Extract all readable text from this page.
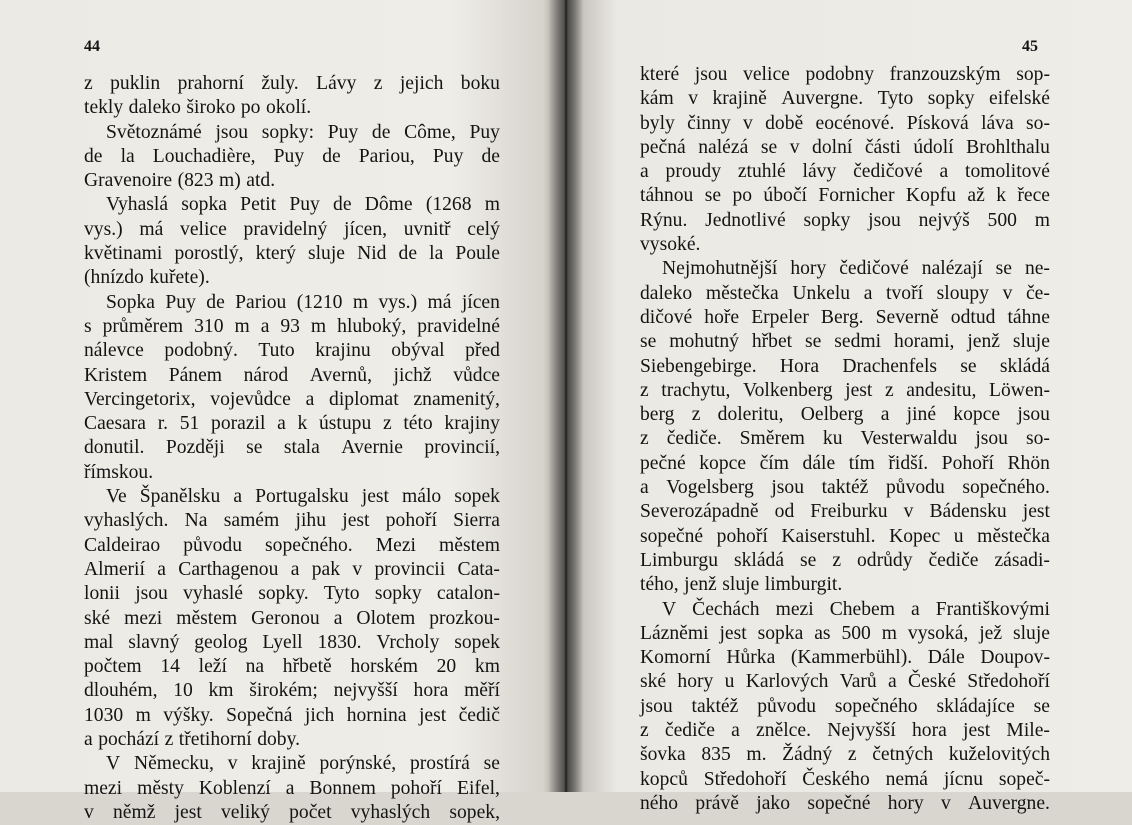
44
z puklin prahorní žuly. Lávy z jejich boku
tekly daleko široko po okolí.
Světoznámé jsou sopky: Puy de Côme, Puy
de la Louchadière, Puy de Pariou, Puy de
Gravenoire (823 m) atd.
Vyhaslá sopka Petit Puy de Dôme (1268 m
vys.) má velice pravidelný jícen, uvnitř celý
květinami porostlý, který sluje Nid de la Poule
(hnízdo kuřete).
Sopka Puy de Pariou (1210 m vys.) má jícen
s průměrem 310 m a 93 m hluboký, pravidelné
nálevce podobný. Tuto krajinu obýval před
Kristem Pánem národ Avernů, jichž vůdce
Vercingetorix, vojevůdce a diplomat znamenitý,
Caesara r. 51 porazil a k ústupu z této krajiny
donutil. Později se stala Avernie provincií,
římskou.
Ve Španělsku a Portugalsku jest málo sopek
vyhaslých. Na samém jihu jest pohoří Sierra
Caldeirao původu sopečného. Mezi městem
Almerií a Carthagenou a pak v provincii Cata-
lonii jsou vyhaslé sopky. Tyto sopky catalon-
ské mezi městem Geronou a Olotem prozkou-
mal slavný geolog Lyell 1830. Vrcholy sopek
počtem 14 leží na hřbetě horském 20 km
dlouhém, 10 km širokém; nejvyšší hora měří
1030 m výšky. Sopečná jich hornina jest čedič
a pochází z třetihorní doby.
V Německu, v krajině porýnské, prostírá se
mezi městy Koblenzí a Bonnem pohoří Eifel,
v němž jest veliký počet vyhaslých sopek,
45
které jsou velice podobny franzouzským sop-
kám v krajině Auvergne. Tyto sopky eifelské
byly činny v době eocénové. Písková láva so-
pečná nalézá se v dolní části údolí Brohlthalu
a proudy ztuhlé lávy čedičové a tomolitové
táhnou se po úbočí Fornicher Kopfu až k řece
Rýnu. Jednotlivé sopky jsou nejvýš 500 m
vysoké.
Nejmohutnější hory čedičové nalézají se ne-
daleko městečka Unkelu a tvoří sloupy v če-
dičové hoře Erpeler Berg. Severně odtud táhne
se mohutný hřbet se sedmi horami, jenž sluje
Siebengebirge. Hora Drachenfels se skládá
z trachytu, Volkenberg jest z andesitu, Löwen-
berg z doleritu, Oelberg a jiné kopce jsou
z čediče. Směrem ku Vesterwaldu jsou so-
pečné kopce čím dále tím řidší. Pohoří Rhön
a Vogelsberg jsou taktéž původu sopečného.
Severozápadně od Freiburku v Bádensku jest
sopečné pohoří Kaiserstuhl. Kopec u městečka
Limburgu skládá se z odrůdy čediče zásadi-
tého, jenž sluje limburgit.
V Čechách mezi Chebem a Františkovými
Lázněmi jest sopka as 500 m vysoká, jež sluje
Komorní Hůrka (Kammerbühl). Dále Doupov-
ské hory u Karlových Varů a České Středohoří
jsou taktéž původu sopečného skládajíce se
z čediče a znělce. Nejvyšší hora jest Mile-
šovka 835 m. Žádný z četných kuželovitých
kopců Středohoří Českého nemá jícnu sopeč-
ného právě jako sopečné hory v Auvergne.
